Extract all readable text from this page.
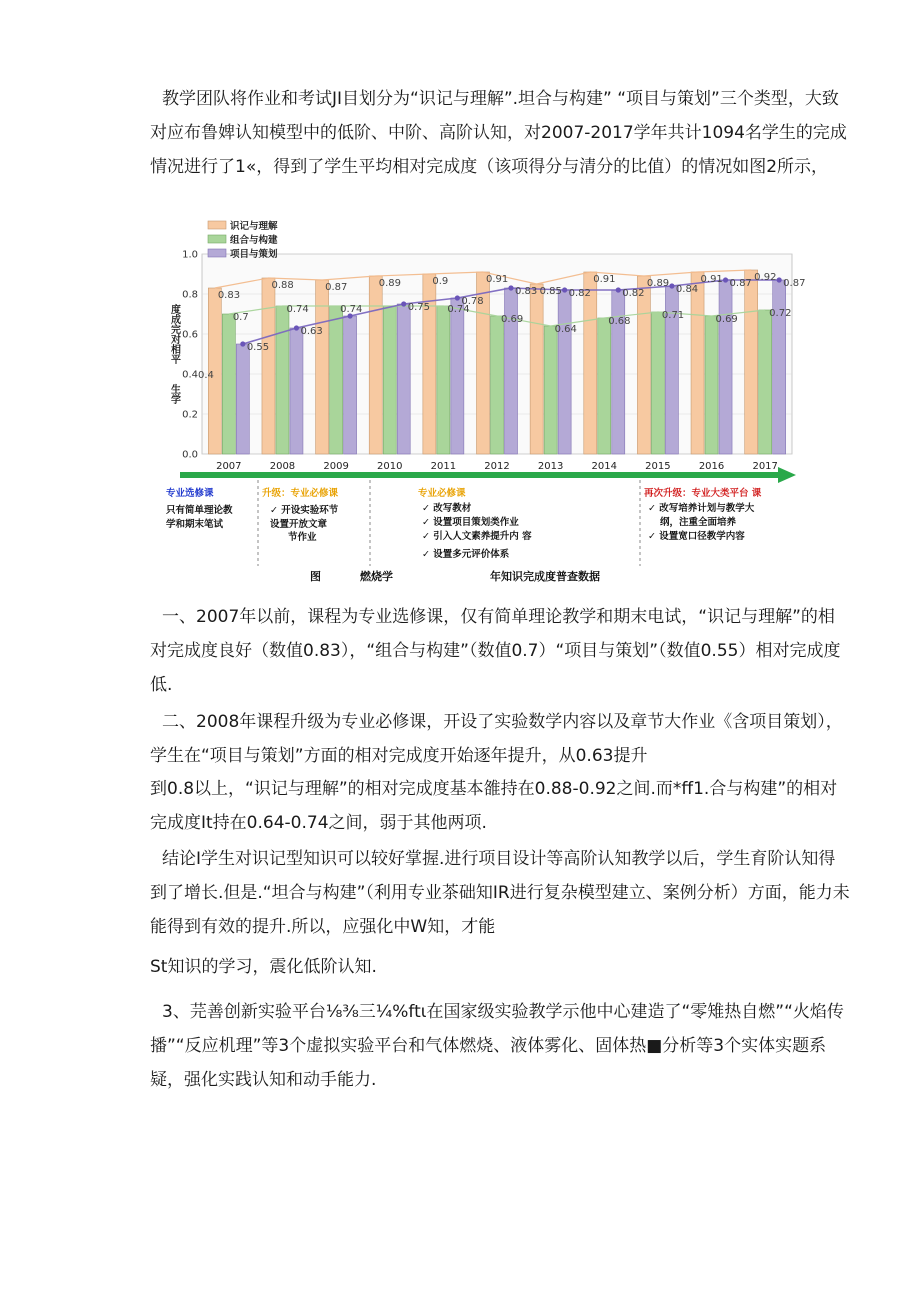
教学团队将作业和考试JI目划分为“识记与理解”.坦合与构建” “项目与策划”三个类型，大致对应布鲁婢认知模型中的低阶、中阶、高阶认知，对2007-2017学年共计1094名学生的完成情况进行了1«，得到了学生平均相对完成度（该项得分与清分的比值）的情况如图2所示，

0.0
0.2
0.4
0.6
0.8
1.0
度成完对相平
生学
0.83
0.7
0.55
0.88
0.74
0.63
0.87
0.74
0.89
0.75
0.9
0.74
0.78
0.91
0.69
0.83 0.85
0.64
0.82
0.91
0.68
0.82
0.89
0.71
0.84
0.91
0.69
0.87
0.92
0.72
0.87
0.4
识记与理解
组合与构建
项目与策划
2007	2008	2009	2010	2011	2012	2013	2014	2015	2016	2017
专业选修课
只有简单理论教
学和期末笔试
升级：专业必修课
✓ 开设实验环节
设置开放文章
节作业
专业必修课
✓ 改写教材
✓ 设置项目策划类作业
✓ 引入人文素养提升内 容
✓ 设置多元评价体系
再次升级：专业大类平台 课
✓ 改写培养计划与教学大
纲，注重全面培养
✓ 设置宽口径教学内容
图	燃烧学	年知识完成度普查数据

一、2007年以前，课程为专业选修课，仅有简单理论教学和期末电试，“识记与理解”的相对完成度良好（数值0.83），“组合与构建”（数值0.7）“项目与策划”（数值0.55）相对完成度低.

二、2008年课程升级为专业必修课，开设了实验数学内容以及章节大作业《含项目策划），学生在“项目与策划”方面的相对完成度开始逐年提升，从0.63提升

到0.8以上，“识记与理解”的相对完成度基本雒持在0.88-0.92之间.而*ff1.合与构建”的相对完成度It持在0.64-0.74之间，弱于其他两项.

结论I学生对识记型知识可以较好掌握.进行项目设计等高阶认知教学以后，学生育阶认知得到了增长.但是.“坦合与构建”（利用专业茶础知IR进行复杂模型建立、案例分析）方面，能力未能得到有效的提升.所以，应强化中W知，才能

St知识的学习，震化低阶认知.

3、芫善创新实验平台⅛⅜三¼%ftι在国家级实验教学示他中心建造了“零雉热自燃”“火焰传播”“反应机理”等3个虚拟实验平台和气体燃烧、液体雾化、固体热■分析等3个实体实题系疑，强化实践认知和动手能力.
